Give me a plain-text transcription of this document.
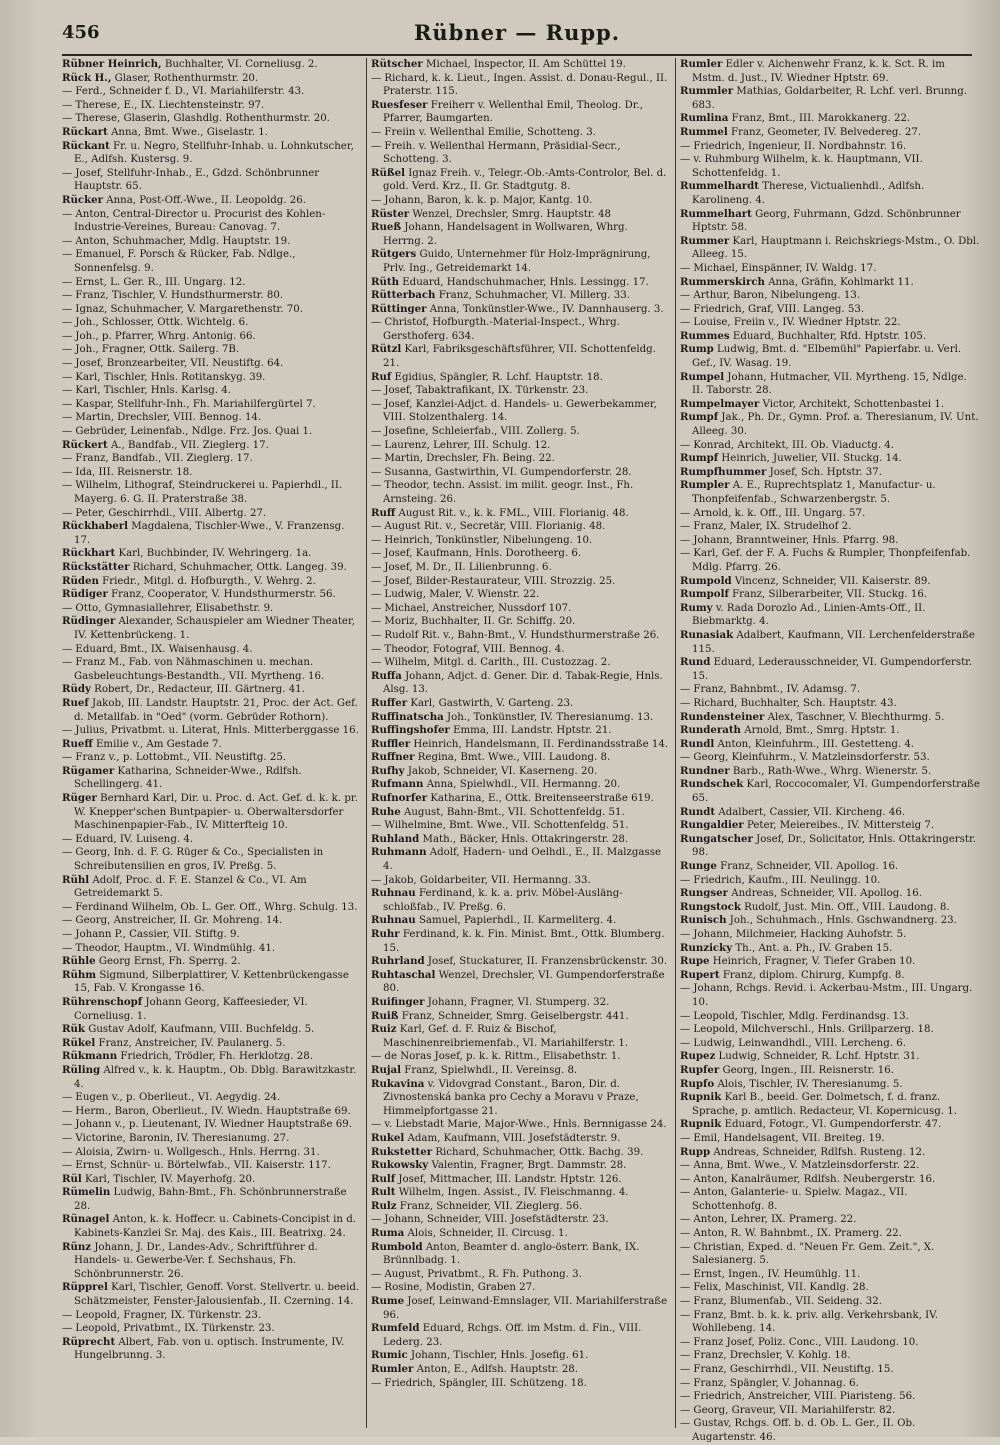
456	Rübner — Rupp.

Rübner Heinrich, Buchhalter, VI. Corneliusg. 2.

Rück H., Glaser, Rothenthurmstr. 20.

— Ferd., Schneider f. D., VI. Mariahilferstr. 43.

— Therese, E., IX. Liechtensteinstr. 97.

— Therese, Glaserin, Glashdlg. Rothenthurmstr. 20.

Rückart Anna, Bmt. Wwe., Giselastr. 1.

Rückant Fr. u. Negro, Stellfuhr-Inhab. u. Lohnkutscher, E., Adlfsh. Kustersg. 9.

— Josef, Stellfuhr-Inhab., E., Gdzd. Schönbrunner Hauptstr. 65.

Rücker Anna, Post-Off.-Wwe., II. Leopoldg. 26.

— Anton, Central-Director u. Procurist des Kohlen-Industrie-Vereines, Bureau: Canovag. 7.

— Anton, Schuhmacher, Mdlg. Hauptstr. 19.

— Emanuel, F. Porsch & Rücker, Fab. Ndlge., Sonnenfelsg. 9.

— Ernst, L. Ger. R., III. Ungarg. 12.

— Franz, Tischler, V. Hundsthurmerstr. 80.

— Ignaz, Schuhmacher, V. Margarethenstr. 70.

— Joh., Schlosser, Ottk. Wichtelg. 6.

— Joh., p. Pfarrer, Whrg. Antonig. 66.

— Joh., Fragner, Ottk. Sailerg. 7B.

— Josef, Bronzearbeiter, VII. Neustiftg. 64.

— Karl, Tischler, Hnls. Rotitanskyg. 39.

— Karl, Tischler, Hnls. Karlsg. 4.

— Kaspar, Stellfuhr-Inh., Fh. Mariahilfergürtel 7.

— Martin, Drechsler, VIII. Bennog. 14.

— Gebrüder, Leinenfab., Ndlge. Frz. Jos. Quai 1.

Rückert A., Bandfab., VII. Zieglerg. 17.

— Franz, Bandfab., VII. Zieglerg. 17.

— Ida, III. Reisnerstr. 18.

— Wilhelm, Lithograf, Steindruckerei u. Papierhdl., II. Mayerg. 6. G. II. Praterstraße 38.

— Peter, Geschirrhdl., VIII. Albertg. 27.

Rückhaberl Magdalena, Tischler-Wwe., V. Franzensg. 17.

Rückhart Karl, Buchbinder, IV. Wehringerg. 1a.

Rückstätter Richard, Schuhmacher, Ottk. Langeg. 39.

Rüden Friedr., Mitgl. d. Hofburgth., V. Wehrg. 2.

Rüdiger Franz, Cooperator, V. Hundsthurmerstr. 56.

— Otto, Gymnasiallehrer, Elisabethstr. 9.

Rüdinger Alexander, Schauspieler am Wiedner Theater, IV. Kettenbrückeng. 1.

— Eduard, Bmt., IX. Waisenhausg. 4.

— Franz M., Fab. von Nähmaschinen u. mechan. Gasbeleuchtungs-Bestandth., VII. Myrtheng. 16.

Rüdy Robert, Dr., Redacteur, III. Gärtnerg. 41.

Ruef Jakob, III. Landstr. Hauptstr. 21, Proc. der Act. Gef. d. Metallfab. in "Oed" (vorm. Gebrüder Rothorn).

— Julius, Privatbmt. u. Literat, Hnls. Mitterberggasse 16.

Rueff Emilie v., Am Gestade 7.

— Franz v., p. Lottobmt., VII. Neustiftg. 25.

Rügamer Katharina, Schneider-Wwe., Rdlfsh. Schellingerg. 41.

Rüger Bernhard Karl, Dir. u. Proc. d. Act. Gef. d. k. k. pr. W. Knepper'schen Buntpapier- u. Oberwaltersdorfer Maschinenpapier-Fab., IV. Mitterfteig 10.

— Eduard, IV. Luiseng. 4.

— Georg, Inh. d. F. G. Rüger & Co., Specialisten in Schreibutensilien en gros, IV. Preßg. 5.

Rühl Adolf, Proc. d. F. E. Stanzel & Co., VI. Am Getreidemarkt 5.

— Ferdinand Wilhelm, Ob. L. Ger. Off., Whrg. Schulg. 13.

— Georg, Anstreicher, II. Gr. Mohreng. 14.

— Johann P., Cassier, VII. Stiftg. 9.

— Theodor, Hauptm., VI. Windmühlg. 41.

Rühle Georg Ernst, Fh. Sperrg. 2.

Rühm Sigmund, Silberplattirer, V. Kettenbrückengasse 15, Fab. V. Krongasse 16.

Rührenschopf Johann Georg, Kaffeesieder, VI. Corneliusg. 1.

Rük Gustav Adolf, Kaufmann, VIII. Buchfeldg. 5.

Rükel Franz, Anstreicher, IV. Paulanerg. 5.

Rükmann Friedrich, Trödler, Fh. Herklotzg. 28.

Rüling Alfred v., k. k. Hauptm., Ob. Dblg. Barawitzkastr. 4.

— Eugen v., p. Oberlieut., VI. Aegydig. 24.

— Herm., Baron, Oberlieut., IV. Wiedn. Hauptstraße 69.

— Johann v., p. Lieutenant, IV. Wiedner Hauptstraße 69.

— Victorine, Baronin, IV. Theresianumg. 27.

— Aloisia, Zwirn- u. Wollgesch., Hnls. Herrng. 31.

— Ernst, Schnür- u. Börtelwfab., VII. Kaiserstr. 117.

Rül Karl, Tischler, IV. Mayerhofg. 20.

Rümelin Ludwig, Bahn-Bmt., Fh. Schönbrunnerstraße 28.

Rünagel Anton, k. k. Hoffecr. u. Cabinets-Concipist in d. Kabinets-Kanzlei Sr. Maj. des Kais., III. Beatrixg. 24.

Rünz Johann, J. Dr., Landes-Adv., Schriftführer d. Handels- u. Gewerbe-Ver. f. Sechshaus, Fh. Schönbrunnerstr. 26.

Rüpprel Karl, Tischler, Genoff. Vorst. Stellvertr. u. beeid. Schätzmeister, Fenster-Jalousienfab., II. Czerning. 14.

— Leopold, Fragner, IX. Türkenstr. 23.

— Leopold, Privatbmt., IX. Türkenstr. 23.

Rüprecht Albert, Fab. von u. optisch. Instrumente, IV. Hungelbrunng. 3.

Rütscher Michael, Inspector, II. Am Schüttel 19.

— Richard, k. k. Lieut., Ingen. Assist. d. Donau-Regul., II. Praterstr. 115.

Ruesfeser Freiherr v. Wellenthal Emil, Theolog. Dr., Pfarrer, Baumgarten.

— Freiin v. Wellenthal Emilie, Schotteng. 3.

— Freih. v. Wellenthal Hermann, Präsidial-Secr., Schotteng. 3.

Rüßel Ignaz Freih. v., Telegr.-Ob.-Amts-Controlor, Bel. d. gold. Verd. Krz., II. Gr. Stadtgutg. 8.

— Johann, Baron, k. k. p. Major, Kantg. 10.

Rüster Wenzel, Drechsler, Smrg. Hauptstr. 48

Rueß Johann, Handelsagent in Wollwaren, Whrg. Herrng. 2.

Rütgers Guido, Unternehmer für Holz-Imprägnirung, Prlv. Ing., Getreidemarkt 14.

Rüth Eduard, Handschuhmacher, Hnls. Lessingg. 17.

Rütterbach Franz, Schuhmacher, VI. Millerg. 33.

Rüttinger Anna, Tonkünstler-Wwe., IV. Dannhauserg. 3.

— Christof, Hofburgth.-Material-Inspect., Whrg. Gersthoferg. 634.

Rützl Karl, Fabriksgeschäftsführer, VII. Schottenfeldg. 21.

Ruf Egidius, Spängler, R. Lchf. Hauptstr. 18.

— Josef, Tabaktrafikant, IX. Türkenstr. 23.

— Josef, Kanzlei-Adjct. d. Handels- u. Gewerbekammer, VIII. Stolzenthalerg. 14.

— Josefine, Schleierfab., VIII. Zollerg. 5.

— Laurenz, Lehrer, III. Schulg. 12.

— Martin, Drechsler, Fh. Being. 22.

— Susanna, Gastwirthin, VI. Gumpendorferstr. 28.

— Theodor, techn. Assist. im milit. geogr. Inst., Fh. Arnsteing. 26.

Ruff August Rit. v., k. k. FML., VIII. Florianig. 48.

— August Rit. v., Secretär, VIII. Florianig. 48.

— Heinrich, Tonkünstler, Nibelungeng. 10.

— Josef, Kaufmann, Hnls. Dorotheerg. 6.

— Josef, M. Dr., II. Lilienbrunng. 6.

— Josef, Bilder-Restaurateur, VIII. Strozzig. 25.

— Ludwig, Maler, V. Wienstr. 22.

— Michael, Anstreicher, Nussdorf 107.

— Moriz, Buchhalter, II. Gr. Schiffg. 20.

— Rudolf Rit. v., Bahn-Bmt., V. Hundsthurmerstraße 26.

— Theodor, Fotograf, VIII. Bennog. 4.

— Wilhelm, Mitgl. d. Carlth., III. Custozzag. 2.

Ruffa Johann, Adjct. d. Gener. Dir. d. Tabak-Regie, Hnls. Alsg. 13.

Ruffer Karl, Gastwirth, V. Garteng. 23.

Ruffinatscha Joh., Tonkünstler, IV. Theresianumg. 13.

Ruffingshofer Emma, III. Landstr. Hptstr. 21.

Ruffler Heinrich, Handelsmann, II. Ferdinandsstraße 14.

Ruffner Regina, Bmt. Wwe., VIII. Laudong. 8.

Rufhy Jakob, Schneider, VI. Kaserneng. 20.

Rufmann Anna, Spielwhdl., VII. Hermanng. 20.

Rufnorfer Katharina, E., Ottk. Breitenseerstraße 619.

Ruhe August, Bahn-Bmt., VII. Schottenfeldg. 51.

— Wilhelmine, Bmt. Wwe., VII. Schottenfeldg. 51.

Ruhland Math., Bäcker, Hnls. Ottakringerstr. 28.

Ruhmann Adolf, Hadern- und Oelhdl., E., II. Malzgasse 4.

— Jakob, Goldarbeiter, VII. Hermanng. 33.

Ruhnau Ferdinand, k. k. a. priv. Möbel-Ausläng-schloßfab., IV. Preßg. 6.

Ruhnau Samuel, Papierhdl., II. Karmeliterg. 4.

Ruhr Ferdinand, k. k. Fin. Minist. Bmt., Ottk. Blumberg. 15.

Ruhrland Josef, Stuckaturer, II. Franzensbrückenstr. 30.

Ruhtaschal Wenzel, Drechsler, VI. Gumpendorferstraße 80.

Ruifinger Johann, Fragner, VI. Stumperg. 32.

Ruiß Franz, Schneider, Smrg. Geiselbergstr. 441.

Ruiz Karl, Gef. d. F. Ruiz & Bischof, Maschinenreibriemenfab., VI. Mariahilferstr. 1.

— de Noras Josef, p. k. k. Rittm., Elisabethstr. 1.

Rujal Franz, Spielwhdl., II. Vereinsg. 8.

Rukavina v. Vidovgrad Constant., Baron, Dir. d. Zivnostenská banka pro Cechy a Moravu v Praze, Himmelpfortgasse 21.

— v. Liebstadt Marie, Major-Wwe., Hnls. Bernnigasse 24.

Rukel Adam, Kaufmann, VIII. Josefstädterstr. 9.

Rukstetter Richard, Schuhmacher, Ottk. Bachg. 39.

Rukowsky Valentin, Fragner, Brgt. Dammstr. 28.

Rulf Josef, Mittmacher, III. Landstr. Hptstr. 126.

Rult Wilhelm, Ingen. Assist., IV. Fleischmanng. 4.

Rulz Franz, Schneider, VII. Zieglerg. 56.

— Johann, Schneider, VIII. Josefstädterstr. 23.

Ruma Alois, Schneider, II. Circusg. 1.

Rumbold Anton, Beamter d. anglo-österr. Bank, IX. Brünnlbadg. 1.

— August, Privatbmt., R. Fh. Puthong. 3.

— Rosine, Modistin, Graben 27.

Rume Josef, Leinwand-Emnslager, VII. Mariahilferstraße 96.

Rumfeld Eduard, Rchgs. Off. im Mstm. d. Fin., VIII. Lederg. 23.

Rumic Johann, Tischler, Hnls. Josefig. 61.

Rumler Anton, E., Adlfsh. Hauptstr. 28.

— Friedrich, Spängler, III. Schützeng. 18.

Rumler Edler v. Aichenwehr Franz, k. k. Sct. R. im Mstm. d. Just., IV. Wiedner Hptstr. 69.

Rummler Mathias, Goldarbeiter, R. Lchf. verl. Brunng. 683.

Rumlina Franz, Bmt., III. Marokkanerg. 22.

Rummel Franz, Geometer, IV. Belvedereg. 27.

— Friedrich, Ingenieur, II. Nordbahnstr. 16.

— v. Ruhmburg Wilhelm, k. k. Hauptmann, VII. Schottenfeldg. 1.

Rummelhardt Therese, Victualienhdl., Adlfsh. Karolineng. 4.

Rummelhart Georg, Fuhrmann, Gdzd. Schönbrunner Hptstr. 58.

Rummer Karl, Hauptmann i. Reichskriegs-Mstm., O. Dbl. Alleeg. 15.

— Michael, Einspänner, IV. Waldg. 17.

Rummerskirch Anna, Gräfin, Kohlmarkt 11.

— Arthur, Baron, Nibelungeng. 13.

— Friedrich, Graf, VIII. Langeg. 53.

— Louise, Freiin v., IV. Wiedner Hptstr. 22.

Rummes Eduard, Buchhalter, Rfd. Hptstr. 105.

Rump Ludwig, Bmt. d. "Elbemühl" Papierfabr. u. Verl. Gef., IV. Wasag. 19.

Rumpel Johann, Hutmacher, VII. Myrtheng. 15, Ndlge. II. Taborstr. 28.

Rumpelmayer Victor, Architekt, Schottenbastei 1.

Rumpf Jak., Ph. Dr., Gymn. Prof. a. Theresianum, IV. Unt. Alleeg. 30.

— Konrad, Architekt, III. Ob. Viaductg. 4.

Rumpf Heinrich, Juwelier, VII. Stuckg. 14.

Rumpfhummer Josef, Sch. Hptstr. 37.

Rumpler A. E., Ruprechtsplatz 1, Manufactur- u. Thonpfeifenfab., Schwarzenbergstr. 5.

— Arnold, k. k. Off., III. Ungarg. 57.

— Franz, Maler, IX. Strudelhof 2.

— Johann, Branntweiner, Hnls. Pfarrg. 98.

— Karl, Gef. der F. A. Fuchs & Rumpler, Thonpfeifenfab. Mdlg. Pfarrg. 26.

Rumpold Vincenz, Schneider, VII. Kaiserstr. 89.

Rumpolf Franz, Silberarbeiter, VII. Stuckg. 16.

Rumy v. Rada Dorozlo Ad., Linien-Amts-Off., II. Biebmarktg. 4.

Runasiak Adalbert, Kaufmann, VII. Lerchenfelderstraße 115.

Rund Eduard, Lederausschneider, VI. Gumpendorferstr. 15.

— Franz, Bahnbmt., IV. Adamsg. 7.

— Richard, Buchhalter, Sch. Hauptstr. 43.

Rundensteiner Alex, Taschner, V. Blechthurmg. 5.

Runderath Arnold, Bmt., Smrg. Hptstr. 1.

Rundl Anton, Kleinfuhrm., III. Gestetteng. 4.

— Georg, Kleinfuhrm., V. Matzleinsdorferstr. 53.

Rundner Barb., Rath-Wwe., Whrg. Wienerstr. 5.

Rundschek Karl, Roccocomaler, VI. Gumpendorferstraße 65.

Rundt Adalbert, Cassier, VII. Kircheng. 46.

Rungaldier Peter, Meiereibes., IV. Mittersteig 7.

Rungatscher Josef, Dr., Solicitator, Hnls. Ottakringerstr. 98.

Runge Franz, Schneider, VII. Apollog. 16.

— Friedrich, Kaufm., III. Neulingg. 10.

Rungser Andreas, Schneider, VII. Apollog. 16.

Rungstock Rudolf, Just. Min. Off., VIII. Laudong. 8.

Runisch Joh., Schuhmach., Hnls. Gschwandnerg. 23.

— Johann, Milchmeier, Hacking Auhofstr. 5.

Runzicky Th., Ant. a. Ph., IV. Graben 15.

Rupe Heinrich, Fragner, V. Tiefer Graben 10.

Rupert Franz, diplom. Chirurg, Kumpfg. 8.

— Johann, Rchgs. Revid. i. Ackerbau-Mstm., III. Ungarg. 10.

— Leopold, Tischler, Mdlg. Ferdinandsg. 13.

— Leopold, Milchverschl., Hnls. Grillparzerg. 18.

— Ludwig, Leinwandhdl., VIII. Lercheng. 6.

Rupez Ludwig, Schneider, R. Lchf. Hptstr. 31.

Rupfer Georg, Ingen., III. Reisnerstr. 16.

Rupfo Alois, Tischler, IV. Theresianumg. 5.

Rupnik Karl B., beeid. Ger. Dolmetsch, f. d. franz. Sprache, p. amtlich. Redacteur, VI. Kopernicusg. 1.

Rupnik Eduard, Fotogr., VI. Gumpendorferstr. 47.

— Emil, Handelsagent, VII. Breiteg. 19.

Rupp Andreas, Schneider, Rdlfsh. Rusteng. 12.

— Anna, Bmt. Wwe., V. Matzleinsdorferstr. 22.

— Anton, Kanalräumer, Rdlfsh. Neubergerstr. 16.

— Anton, Galanterie- u. Spielw. Magaz., VII. Schottenhofg. 8.

— Anton, Lehrer, IX. Pramerg. 22.

— Anton, R. W. Bahnbmt., IX. Pramerg. 22.

— Christian, Exped. d. "Neuen Fr. Gem. Zeit.", X. Salesianerg. 5.

— Ernst, Ingen., IV. Heumühlg. 11.

— Felix, Maschinist, VII. Kandlg. 28.

— Franz, Blumenfab., VII. Seideng. 32.

— Franz, Bmt. b. k. k. priv. allg. Verkehrsbank, IV. Wohllebeng. 14.

— Franz Josef, Poliz. Conc., VIII. Laudong. 10.

— Franz, Drechsler, V. Kohlg. 18.

— Franz, Geschirrhdl., VII. Neustiftg. 15.

— Franz, Spängler, V. Johannag. 6.

— Friedrich, Anstreicher, VIII. Piaristeng. 56.

— Georg, Graveur, VII. Mariahilferstr. 82.

— Gustav, Rchgs. Off. b. d. Ob. L. Ger., II. Ob. Augartenstr. 46.
